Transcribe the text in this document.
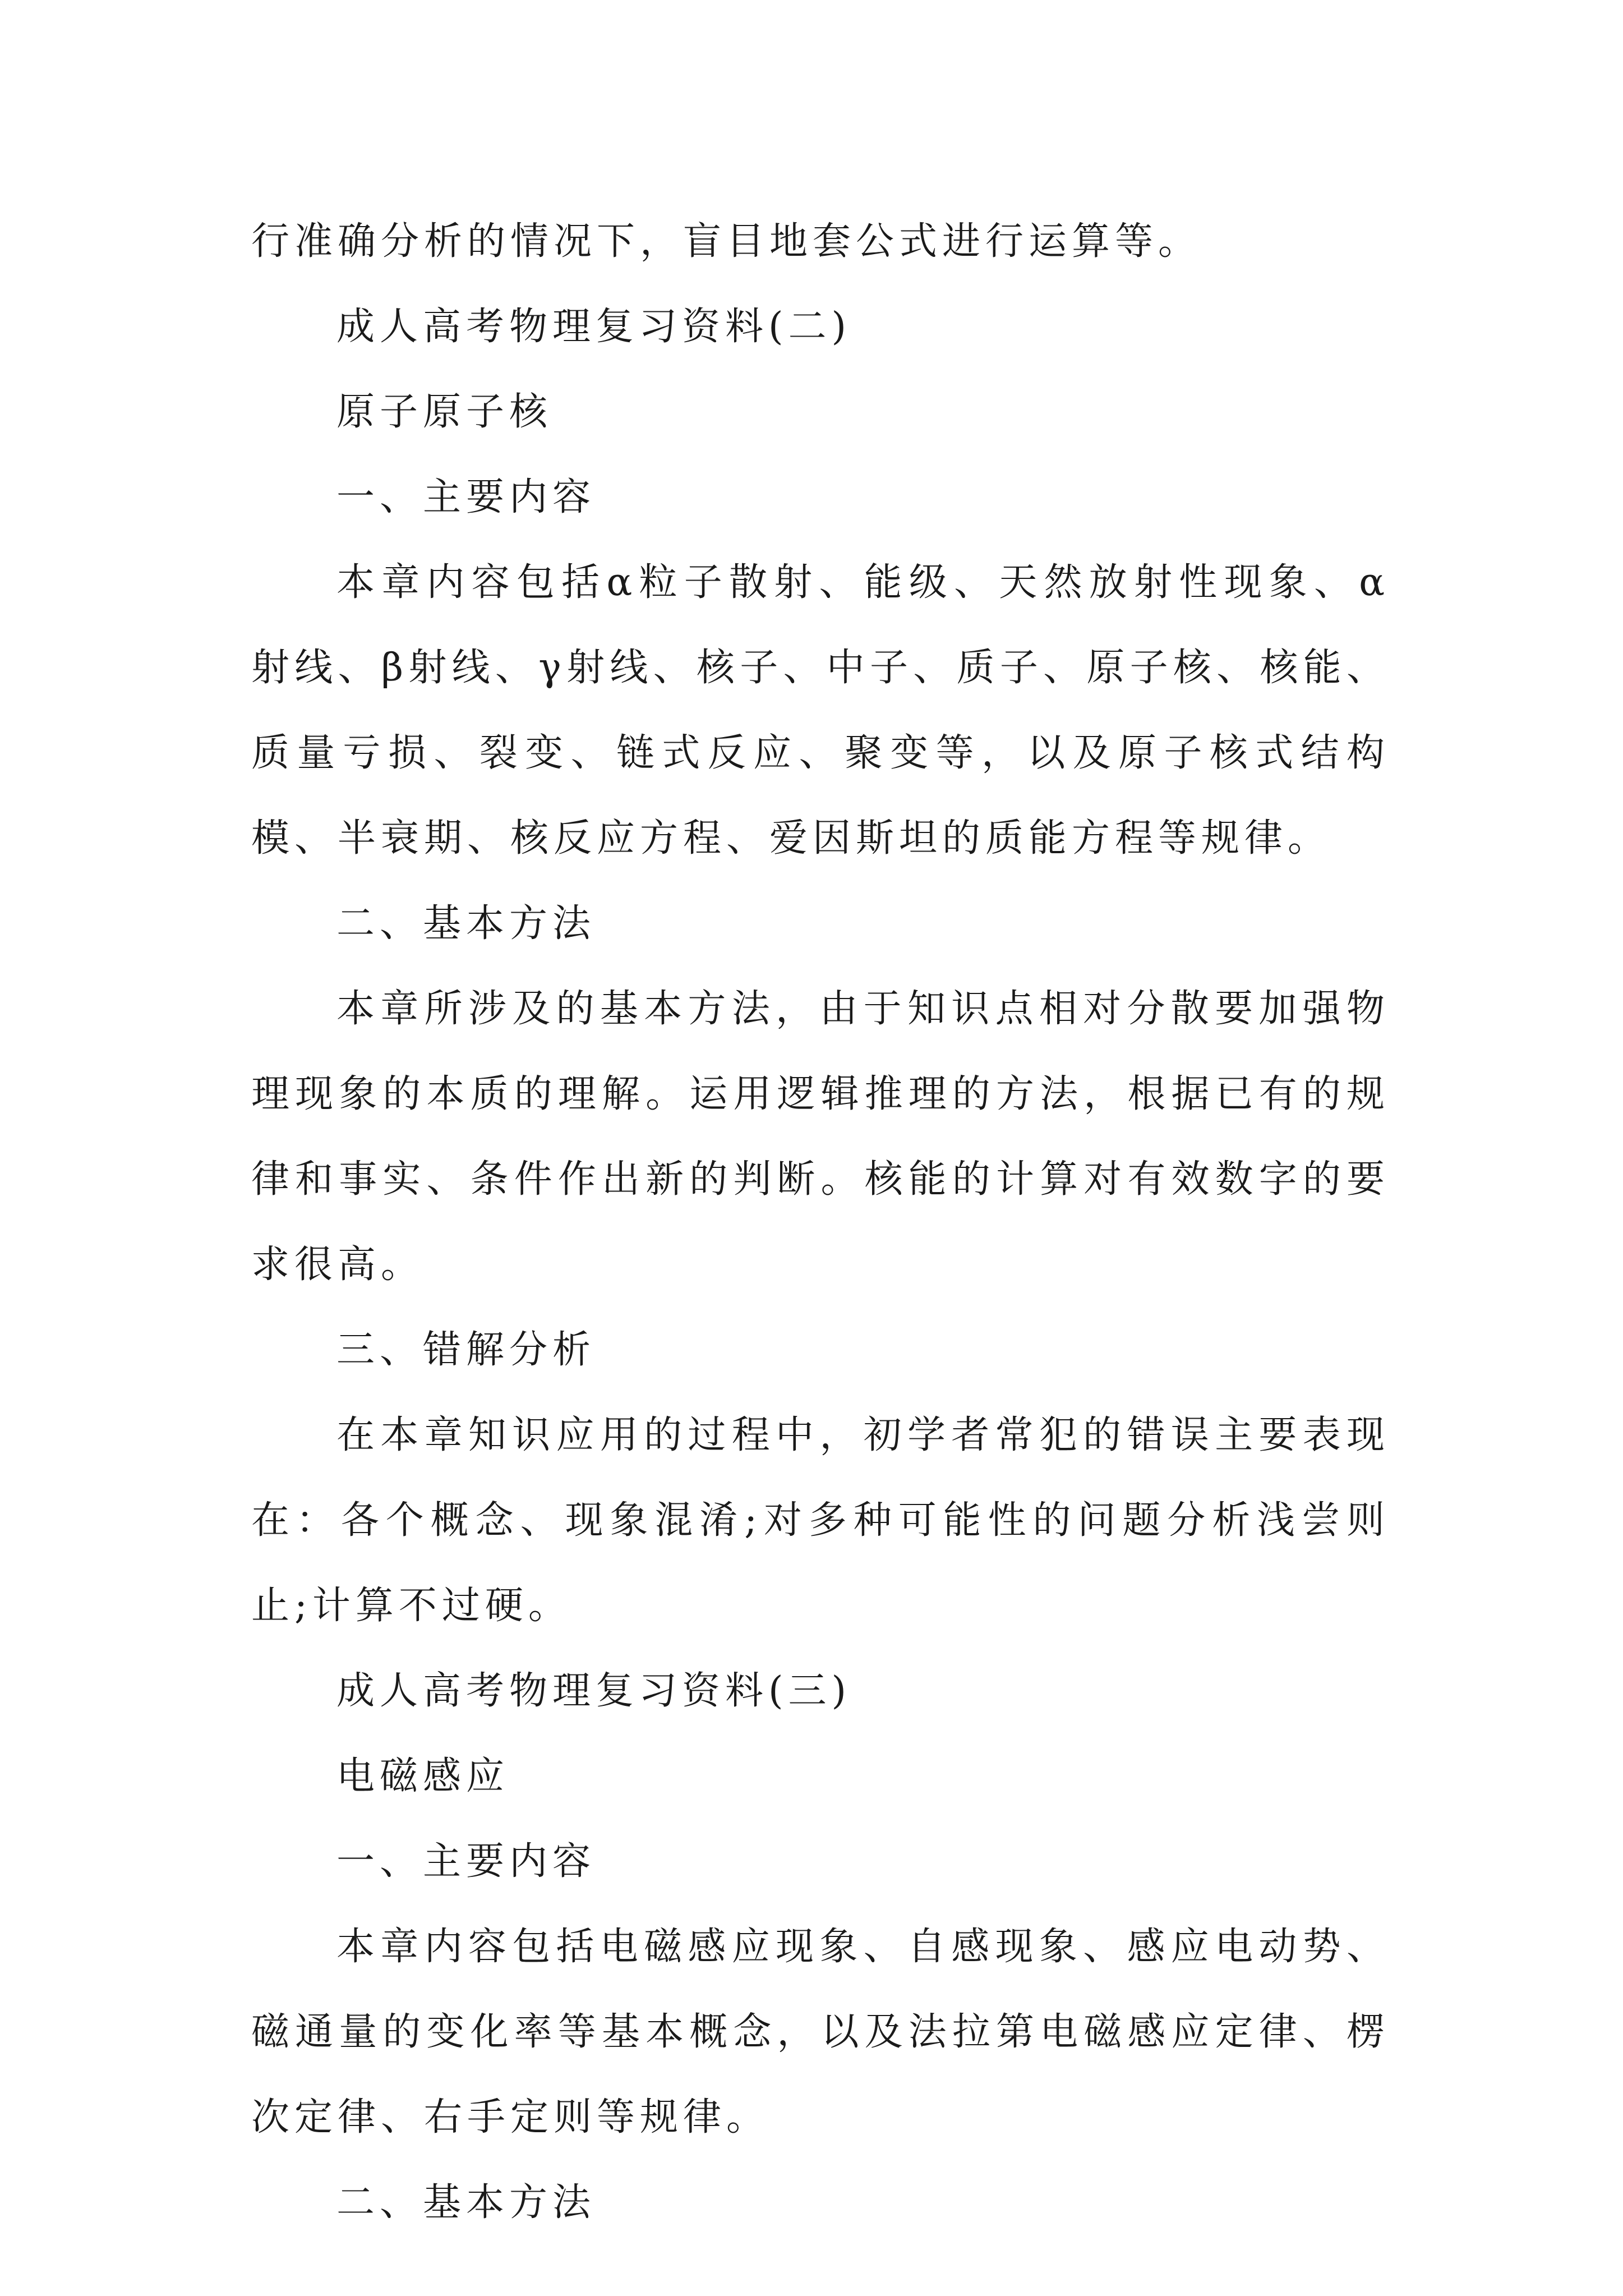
行准确分析的情况下，盲目地套公式进行运算等。

成人高考物理复习资料(二)

原子原子核

一、主要内容

本章内容包括α粒子散射、能级、天然放射性现象、α射线、β射线、γ射线、核子、中子、质子、原子核、核能、质量亏损、裂变、链式反应、聚变等，以及原子核式结构模、半衰期、核反应方程、爱因斯坦的质能方程等规律。

二、基本方法

本章所涉及的基本方法，由于知识点相对分散要加强物理现象的本质的理解。运用逻辑推理的方法，根据已有的规律和事实、条件作出新的判断。核能的计算对有效数字的要求很高。

三、错解分析

在本章知识应用的过程中，初学者常犯的错误主要表现在：各个概念、现象混淆;对多种可能性的问题分析浅尝则止;计算不过硬。

成人高考物理复习资料(三)

电磁感应

一、主要内容

本章内容包括电磁感应现象、自感现象、感应电动势、磁通量的变化率等基本概念，以及法拉第电磁感应定律、楞次定律、右手定则等规律。

二、基本方法
